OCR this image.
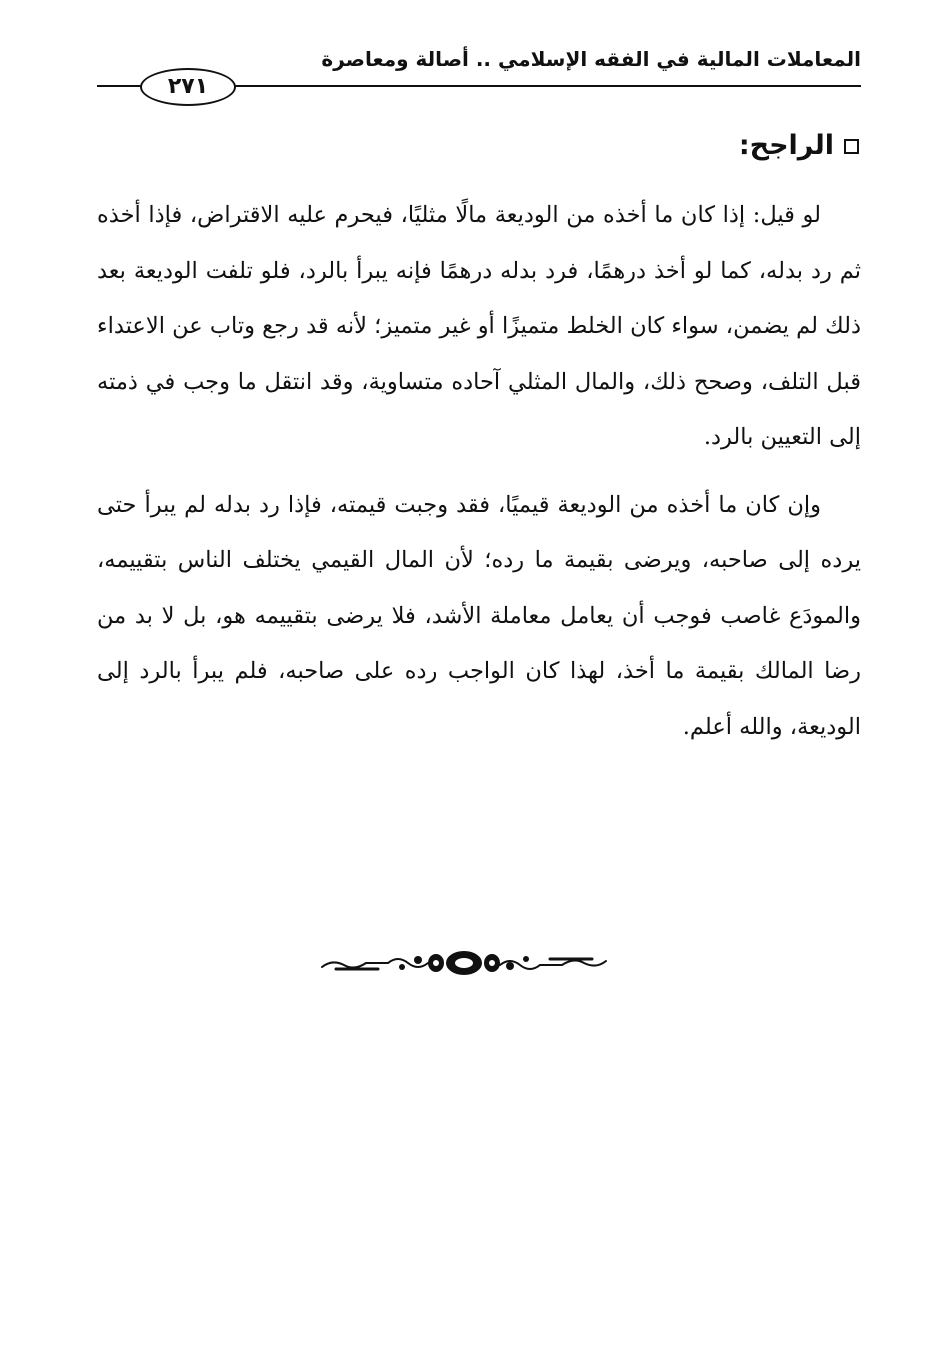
المعاملات المالية في الفقه الإسلامي .. أصالة ومعاصرة
٢٧١
الراجح:

لو قيل: إذا كان ما أخذه من الوديعة مالًا مثليًا، فيحرم عليه الاقتراض، فإذا أخذه ثم رد بدله، كما لو أخذ درهمًا، فرد بدله درهمًا فإنه يبرأ بالرد، فلو تلفت الوديعة بعد ذلك لم يضمن، سواء كان الخلط متميزًا أو غير متميز؛ لأنه قد رجع وتاب عن الاعتداء قبل التلف، وصحح ذلك، والمال المثلي آحاده متساوية، وقد انتقل ما وجب في ذمته إلى التعيين بالرد.

وإن كان ما أخذه من الوديعة قيميًا، فقد وجبت قيمته، فإذا رد بدله لم يبرأ حتى يرده إلى صاحبه، ويرضى بقيمة ما رده؛ لأن المال القيمي يختلف الناس بتقييمه، والمودَع غاصب فوجب أن يعامل معاملة الأشد، فلا يرضى بتقييمه هو، بل لا بد من رضا المالك بقيمة ما أخذ، لهذا كان الواجب رده على صاحبه، فلم يبرأ بالرد إلى الوديعة، والله أعلم.
